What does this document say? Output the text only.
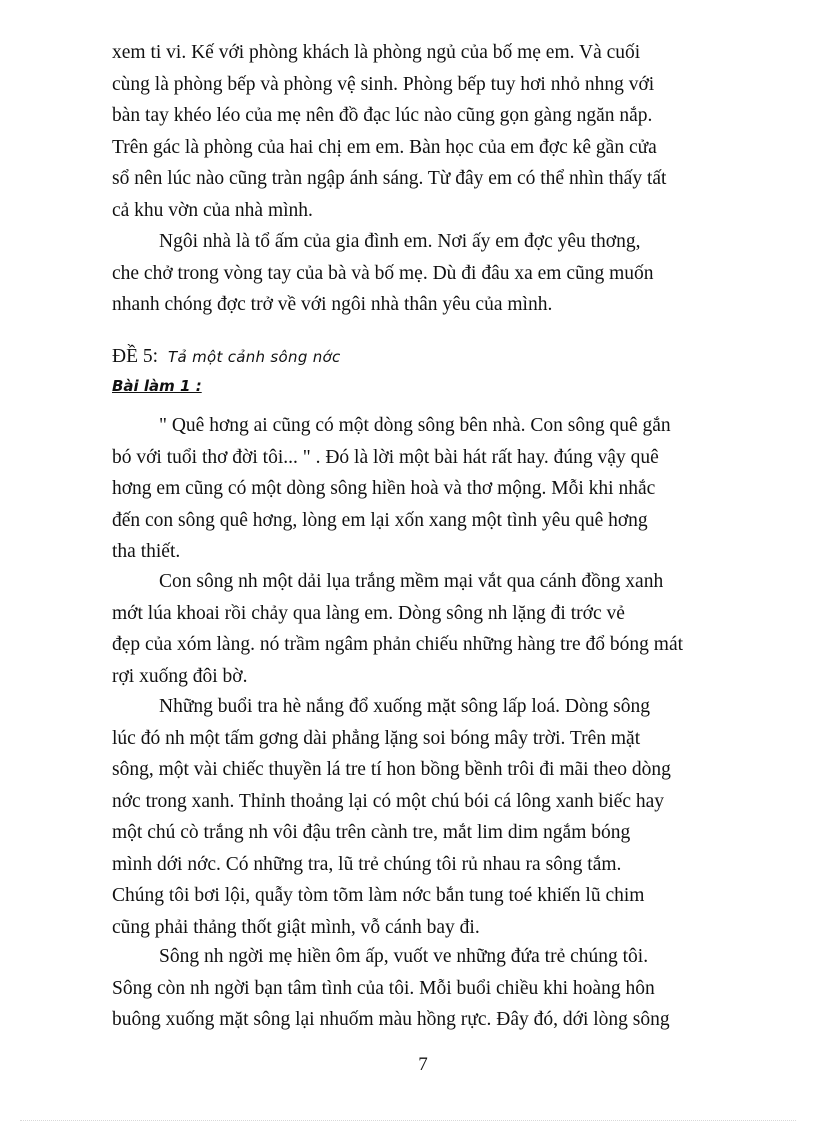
xem ti vi. Kế với phòng khách là phòng ngủ của bố mẹ em. Và cuối
cùng là phòng bếp và phòng vệ sinh. Phòng bếp tuy hơi nhỏ nhng với
bàn tay khéo léo của mẹ nên đồ đạc lúc nào cũng gọn gàng ngăn nắp.
Trên gác là phòng của hai chị em em. Bàn học của em đợc kê gần cửa
sổ nên lúc nào cũng tràn ngập ánh sáng. Từ đây em có thể nhìn thấy tất
cả khu vờn của nhà mình.
Ngôi nhà là tổ ấm của gia đình em. Nơi ấy em đợc yêu thơng,
che chở trong vòng tay của bà và bố mẹ. Dù đi đâu xa em cũng muốn
nhanh chóng đợc trở về với ngôi nhà thân yêu của mình.
ĐỀ 5: Tả một cảnh sông nớc
Bài làm 1 :
" Quê hơng ai cũng có một dòng sông bên nhà. Con sông quê gắn
bó với tuổi thơ đời tôi... " . Đó là lời một bài hát rất hay. đúng vậy quê
hơng em cũng có một dòng sông hiền hoà và thơ mộng. Mỗi khi nhắc
đến con sông quê hơng, lòng em lại xốn xang một tình yêu quê hơng
tha thiết.
Con sông nh một dải lụa trắng mềm mại vắt qua cánh đồng xanh
mớt lúa khoai rồi chảy qua làng em. Dòng sông nh lặng đi trớc vẻ
đẹp của xóm làng. nó trầm ngâm phản chiếu những hàng tre đổ bóng mát
rợi xuống đôi bờ.
Những buổi tra hè nắng đổ xuống mặt sông lấp loá. Dòng sông
lúc đó nh một tấm gơng dài phẳng lặng soi bóng mây trời. Trên mặt
sông, một vài chiếc thuyền lá tre tí hon bồng bềnh trôi đi mãi theo dòng
nớc trong xanh. Thỉnh thoảng lại có một chú bói cá lông xanh biếc hay
một chú cò trắng nh vôi đậu trên cành tre, mắt lim dim ngắm bóng
mình dới nớc. Có những tra, lũ trẻ chúng tôi rủ nhau ra sông tắm.
Chúng tôi bơi lội, quẫy tòm tõm làm nớc bắn tung toé khiến lũ chim
cũng phải thảng thốt giật mình, vỗ cánh bay đi.
Sông nh ngời mẹ hiền ôm ấp, vuốt ve những đứa trẻ chúng tôi.
Sông còn nh ngời bạn tâm tình của tôi. Mỗi buổi chiều khi hoàng hôn
buông xuống mặt sông lại nhuốm màu hồng rực. Đây đó, dới lòng sông
7
